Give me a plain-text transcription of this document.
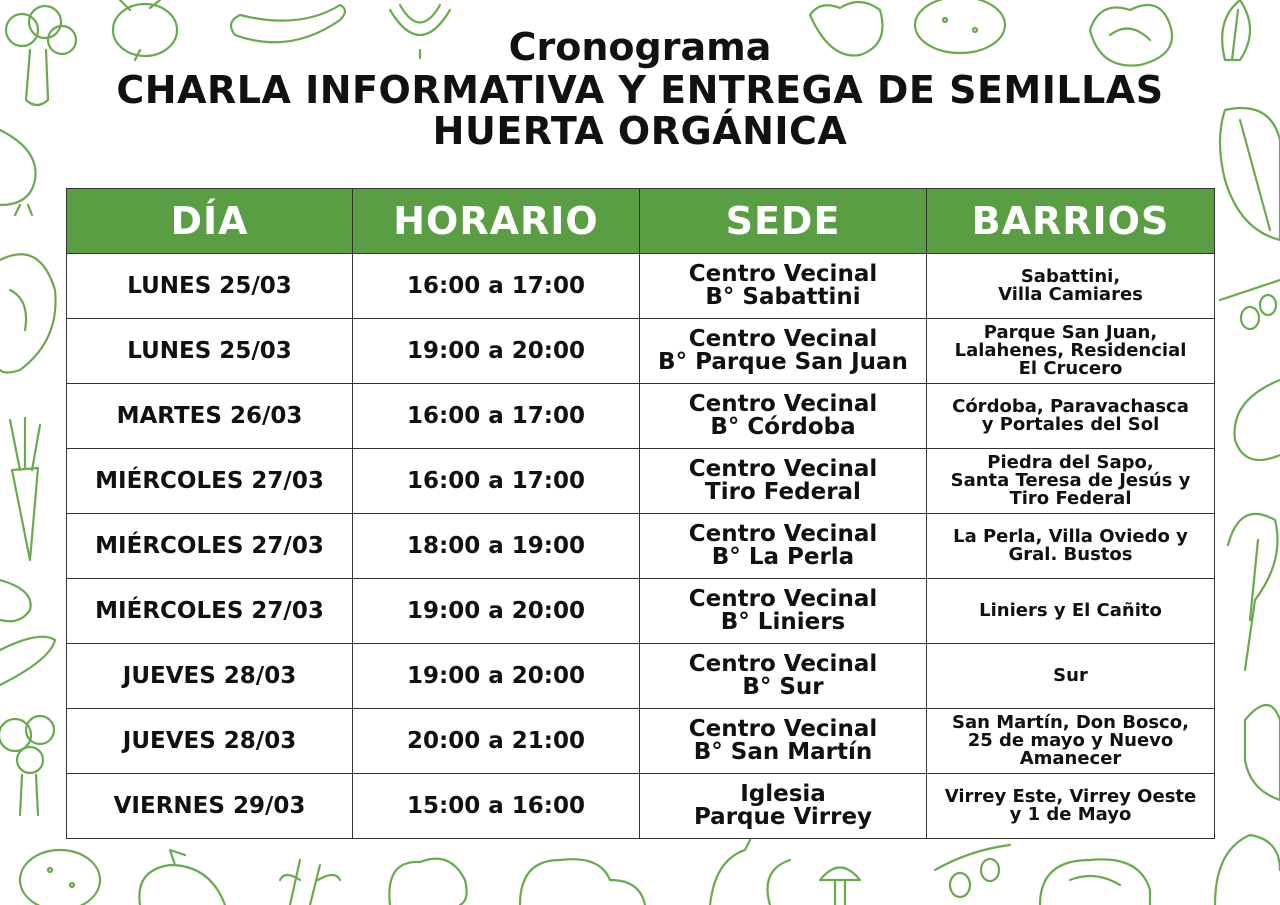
Cronograma
CHARLA INFORMATIVA Y ENTREGA DE SEMILLAS
HUERTA ORGÁNICA
DÍA	HORARIO	SEDE	BARRIOS
LUNES 25/03	16:00 a 17:00	Centro Vecinal
B° Sabattini	Sabattini,
Villa Camiares

LUNES 25/03	19:00 a 20:00	Centro Vecinal
B° Parque San Juan	Parque San Juan,
Lalahenes, Residencial
El Crucero

MARTES 26/03	16:00 a 17:00	Centro Vecinal
B° Córdoba	Córdoba, Paravachasca
y Portales del Sol

MIÉRCOLES 27/03	16:00 a 17:00	Centro Vecinal
Tiro Federal	Piedra del Sapo,
Santa Teresa de Jesús y
Tiro Federal

MIÉRCOLES 27/03	18:00 a 19:00	Centro Vecinal
B° La Perla	La Perla, Villa Oviedo y
Gral. Bustos

MIÉRCOLES 27/03	19:00 a 20:00	Centro Vecinal
B° Liniers	Liniers y El Cañito

JUEVES 28/03	19:00 a 20:00	Centro Vecinal
B° Sur	Sur

JUEVES 28/03	20:00 a 21:00	Centro Vecinal
B° San Martín	San Martín, Don Bosco,
25 de mayo y Nuevo
Amanecer

VIERNES 29/03	15:00 a 16:00	Iglesia
Parque Virrey	Virrey Este, Virrey Oeste
y 1 de Mayo
